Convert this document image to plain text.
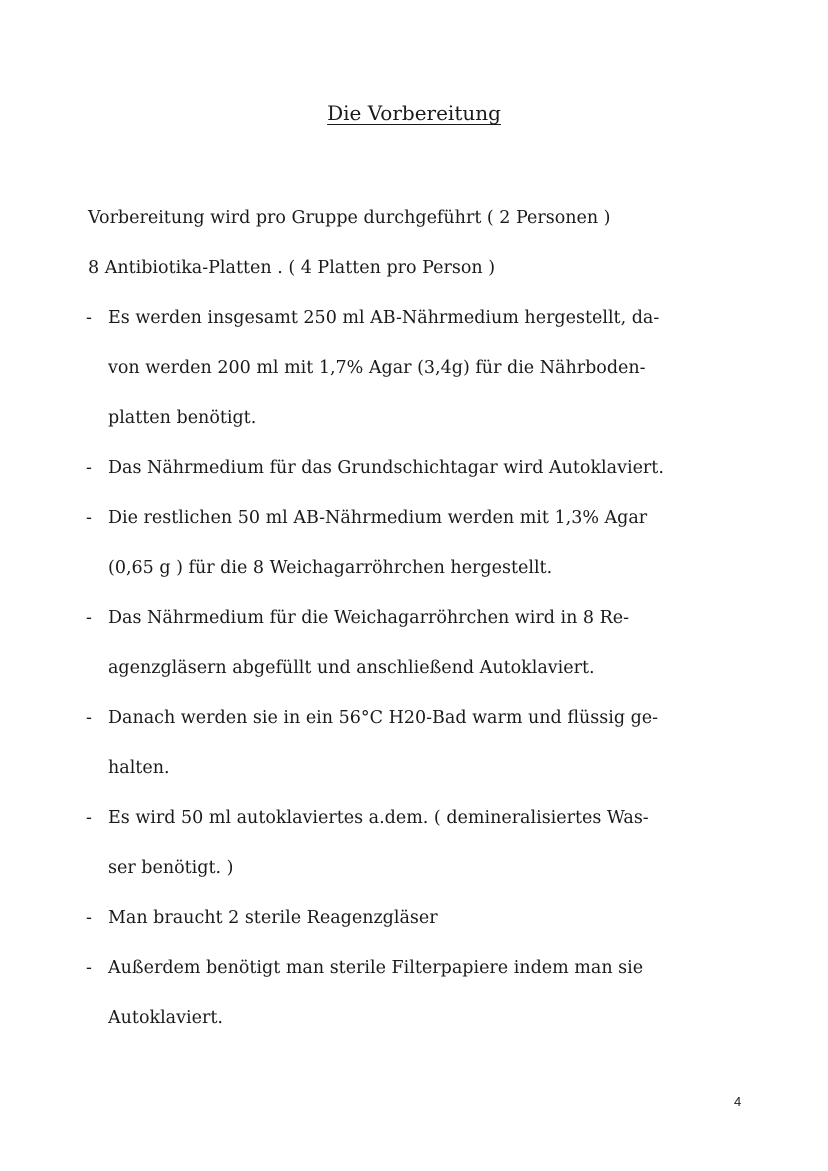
Die Vorbereitung

Vorbereitung wird pro Gruppe durchgeführt ( 2 Personen )

8 Antibiotika-Platten . ( 4 Platten pro Person )

- Es werden insgesamt 250 ml AB-Nährmedium hergestellt, da-

von werden 200 ml mit 1,7% Agar (3,4g) für die Nährboden-

platten benötigt.

- Das Nährmedium für das Grundschichtagar wird Autoklaviert.

- Die restlichen 50 ml AB-Nährmedium werden mit 1,3% Agar

(0,65 g ) für die 8 Weichagarröhrchen hergestellt.

- Das Nährmedium für die Weichagarröhrchen wird in 8 Re-

agenzgläsern abgefüllt und anschließend Autoklaviert.

- Danach werden sie in ein 56°C H20-Bad warm und flüssig ge-

halten.

- Es wird 50 ml autoklaviertes a.dem. ( demineralisiertes Was-

ser benötigt. )

- Man braucht 2 sterile Reagenzgläser

- Außerdem benötigt man sterile Filterpapiere indem man sie

Autoklaviert.

4
